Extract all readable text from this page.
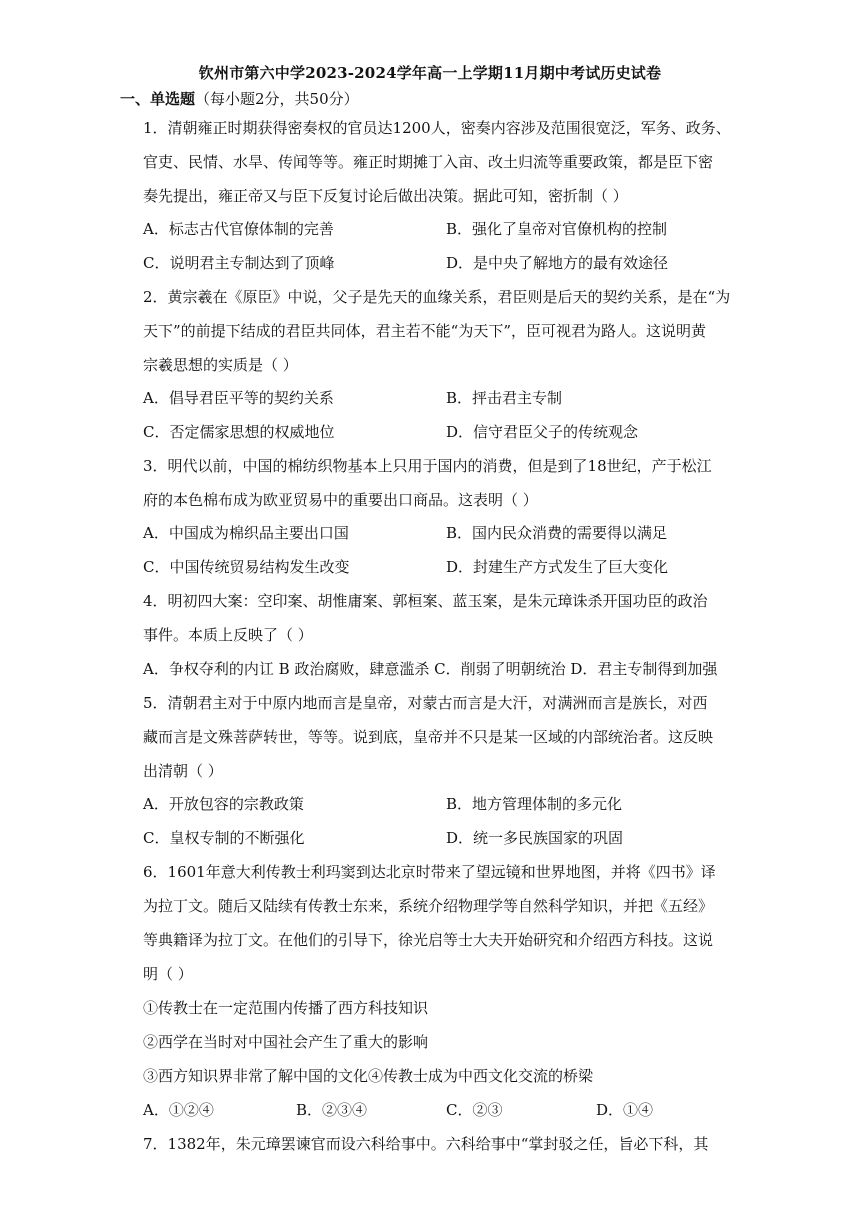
钦州市第六中学2023-2024学年高一上学期11月期中考试历史试卷
一、单选题（每小题2分，共50分）
1．清朝雍正时期获得密奏权的官员达1200人，密奏内容涉及范围很宽泛，军务、政务、
官吏、民情、水旱、传闻等等。雍正时期摊丁入亩、改土归流等重要政策，都是臣下密
奏先提出，雍正帝又与臣下反复讨论后做出决策。据此可知，密折制（ ）
A．标志古代官僚体制的完善	B．强化了皇帝对官僚机构的控制
C．说明君主专制达到了顶峰	D．是中央了解地方的最有效途径
2．黄宗羲在《原臣》中说，父子是先天的血缘关系，君臣则是后天的契约关系，是在“为
天下”的前提下结成的君臣共同体，君主若不能“为天下”，臣可视君为路人。这说明黄
宗羲思想的实质是（ ）
A．倡导君臣平等的契约关系	B．抨击君主专制
C．否定儒家思想的权威地位	D．信守君臣父子的传统观念
3．明代以前，中国的棉纺织物基本上只用于国内的消费，但是到了18世纪，产于松江
府的本色棉布成为欧亚贸易中的重要出口商品。这表明（ ）
A．中国成为棉织品主要出口国	B．国内民众消费的需要得以满足
C．中国传统贸易结构发生改变	D．封建生产方式发生了巨大变化
4．明初四大案：空印案、胡惟庸案、郭桓案、蓝玉案，是朱元璋诛杀开国功臣的政治
事件。本质上反映了（ ）
A．争权夺利的内讧 B 政治腐败，肆意滥杀 C．削弱了明朝统治 D．君主专制得到加强
5．清朝君主对于中原内地而言是皇帝，对蒙古而言是大汗，对满洲而言是族长，对西
藏而言是文殊菩萨转世，等等。说到底，皇帝并不只是某一区域的内部统治者。这反映
出清朝（ ）
A．开放包容的宗教政策	B．地方管理体制的多元化
C．皇权专制的不断强化	D．统一多民族国家的巩固
6．1601年意大利传教士利玛窦到达北京时带来了望远镜和世界地图，并将《四书》译
为拉丁文。随后又陆续有传教士东来，系统介绍物理学等自然科学知识，并把《五经》
等典籍译为拉丁文。在他们的引导下，徐光启等士大夫开始研究和介绍西方科技。这说
明（ ）
①传教士在一定范围内传播了西方科技知识
②西学在当时对中国社会产生了重大的影响
③西方知识界非常了解中国的文化④传教士成为中西文化交流的桥梁
A．①②④	B．②③④	C．②③	D．①④
7．1382年，朱元璋罢谏官而设六科给事中。六科给事中“掌封驳之任，旨必下科，其
